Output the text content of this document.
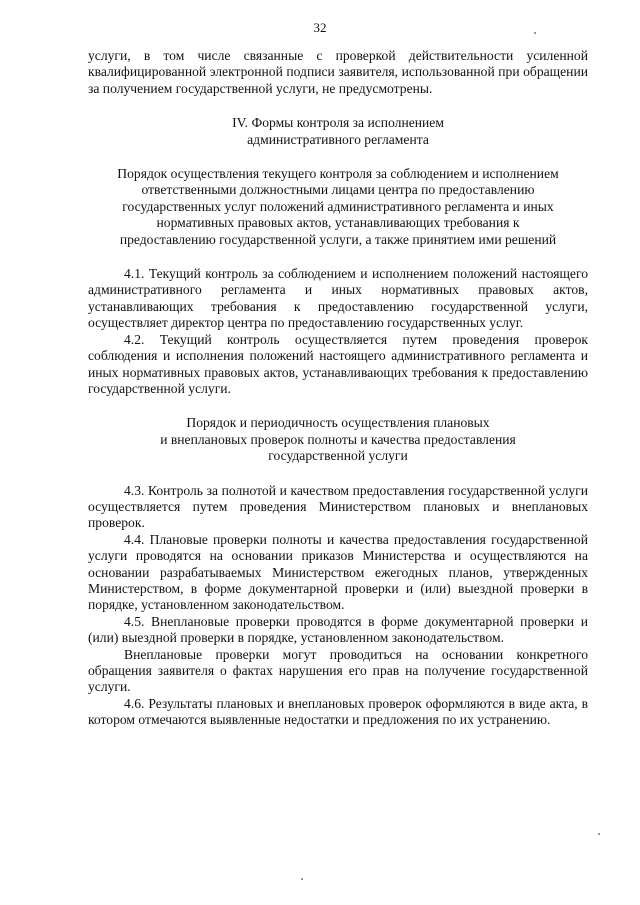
32

услуги, в том числе связанные с проверкой действительности усиленной квалифицированной электронной подписи заявителя, использованной при обращении за получением государственной услуги, не предусмотрены.

IV. Формы контроля за исполнением

административного регламента

Порядок осуществления текущего контроля за соблюдением и исполнением

ответственными должностными лицами центра по предоставлению

государственных услуг положений административного регламента и иных

нормативных правовых актов, устанавливающих требования к

предоставлению государственной услуги, а также принятием ими решений

4.1. Текущий контроль за соблюдением и исполнением положений настоящего административного регламента и иных нормативных правовых актов, устанавливающих требования к предоставлению государственной услуги, осуществляет директор центра по предоставлению государственных услуг.

4.2. Текущий контроль осуществляется путем проведения проверок соблюдения и исполнения положений настоящего административного регламента и иных нормативных правовых актов, устанавливающих требования к предоставлению государственной услуги.

Порядок и периодичность осуществления плановых

и внеплановых проверок полноты и качества предоставления

государственной услуги

4.3. Контроль за полнотой и качеством предоставления государственной услуги осуществляется путем проведения Министерством плановых и внеплановых проверок.

4.4. Плановые проверки полноты и качества предоставления государственной услуги проводятся на основании приказов Министерства и осуществляются на основании разрабатываемых Министерством ежегодных планов, утвержденных Министерством, в форме документарной проверки и (или) выездной проверки в порядке, установленном законодательством.

4.5. Внеплановые проверки проводятся в форме документарной проверки и (или) выездной проверки в порядке, установленном законодательством.

Внеплановые проверки могут проводиться на основании конкретного обращения заявителя о фактах нарушения его прав на получение государственной услуги.

4.6. Результаты плановых и внеплановых проверок оформляются в виде акта, в котором отмечаются выявленные недостатки и предложения по их устранению.
